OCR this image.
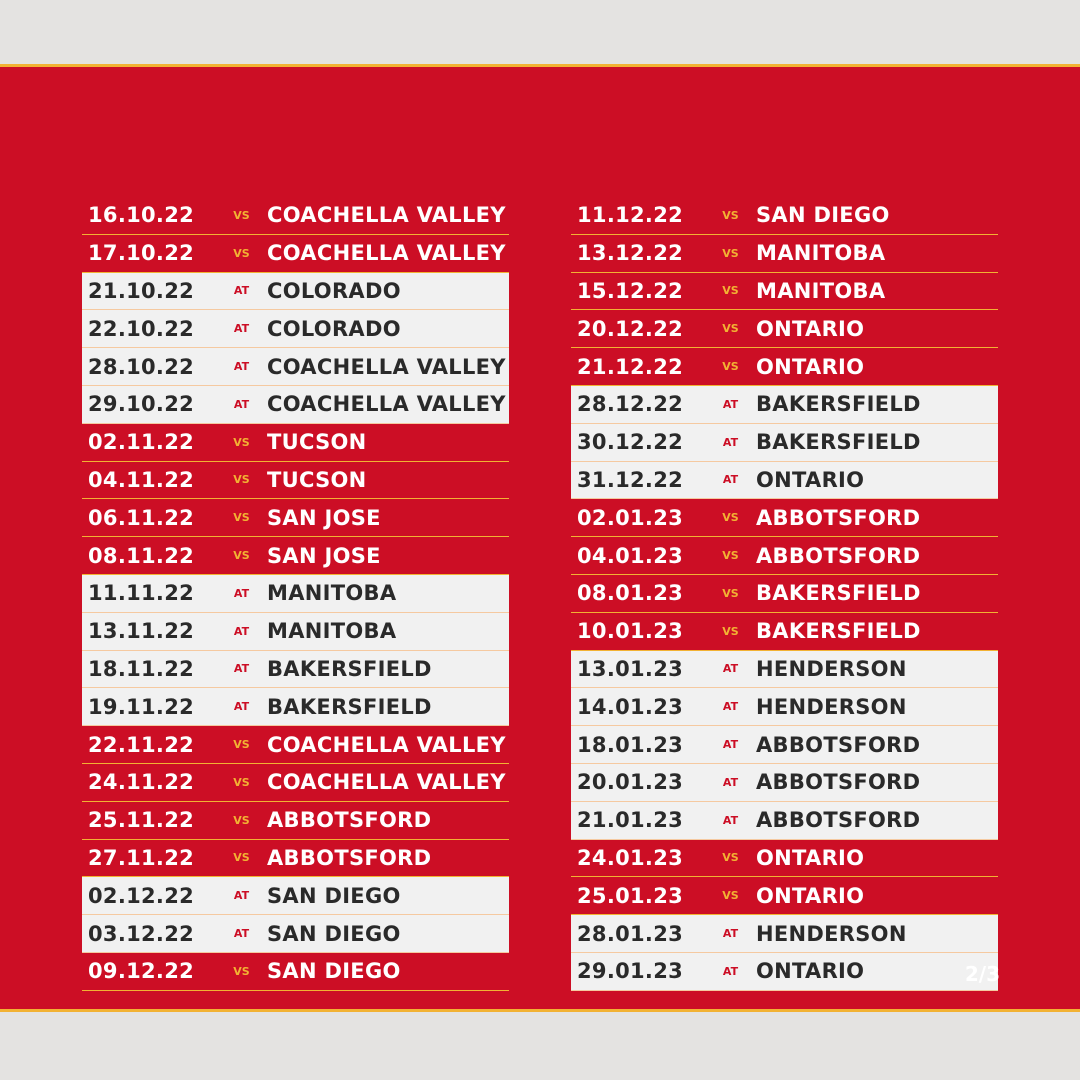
16.10.22	VS COACHELLA VALLEY
17.10.22	VS COACHELLA VALLEY
21.10.22	AT COLORADO
22.10.22	AT COLORADO
28.10.22	AT COACHELLA VALLEY
29.10.22	AT COACHELLA VALLEY
02.11.22	VS TUCSON
04.11.22	VS TUCSON
06.11.22	VS SAN JOSE
08.11.22	VS SAN JOSE
11.11.22	AT MANITOBA
13.11.22	AT MANITOBA
18.11.22	AT BAKERSFIELD
19.11.22	AT BAKERSFIELD
22.11.22	VS COACHELLA VALLEY
24.11.22	VS COACHELLA VALLEY
25.11.22	VS ABBOTSFORD
27.11.22	VS ABBOTSFORD
02.12.22	AT SAN DIEGO
03.12.22	AT SAN DIEGO
09.12.22	VS SAN DIEGO
11.12.22	VS SAN DIEGO
13.12.22	VS MANITOBA
15.12.22	VS MANITOBA
20.12.22	VS ONTARIO
21.12.22	VS ONTARIO
28.12.22	AT BAKERSFIELD
30.12.22	AT BAKERSFIELD
31.12.22	AT ONTARIO
02.01.23	VS ABBOTSFORD
04.01.23	VS ABBOTSFORD
08.01.23	VS BAKERSFIELD
10.01.23	VS BAKERSFIELD
13.01.23	AT HENDERSON
14.01.23	AT HENDERSON
18.01.23	AT ABBOTSFORD
20.01.23	AT ABBOTSFORD
21.01.23	AT ABBOTSFORD
24.01.23	VS ONTARIO
25.01.23	VS ONTARIO
28.01.23	AT HENDERSON
29.01.23	AT ONTARIO	2/3
